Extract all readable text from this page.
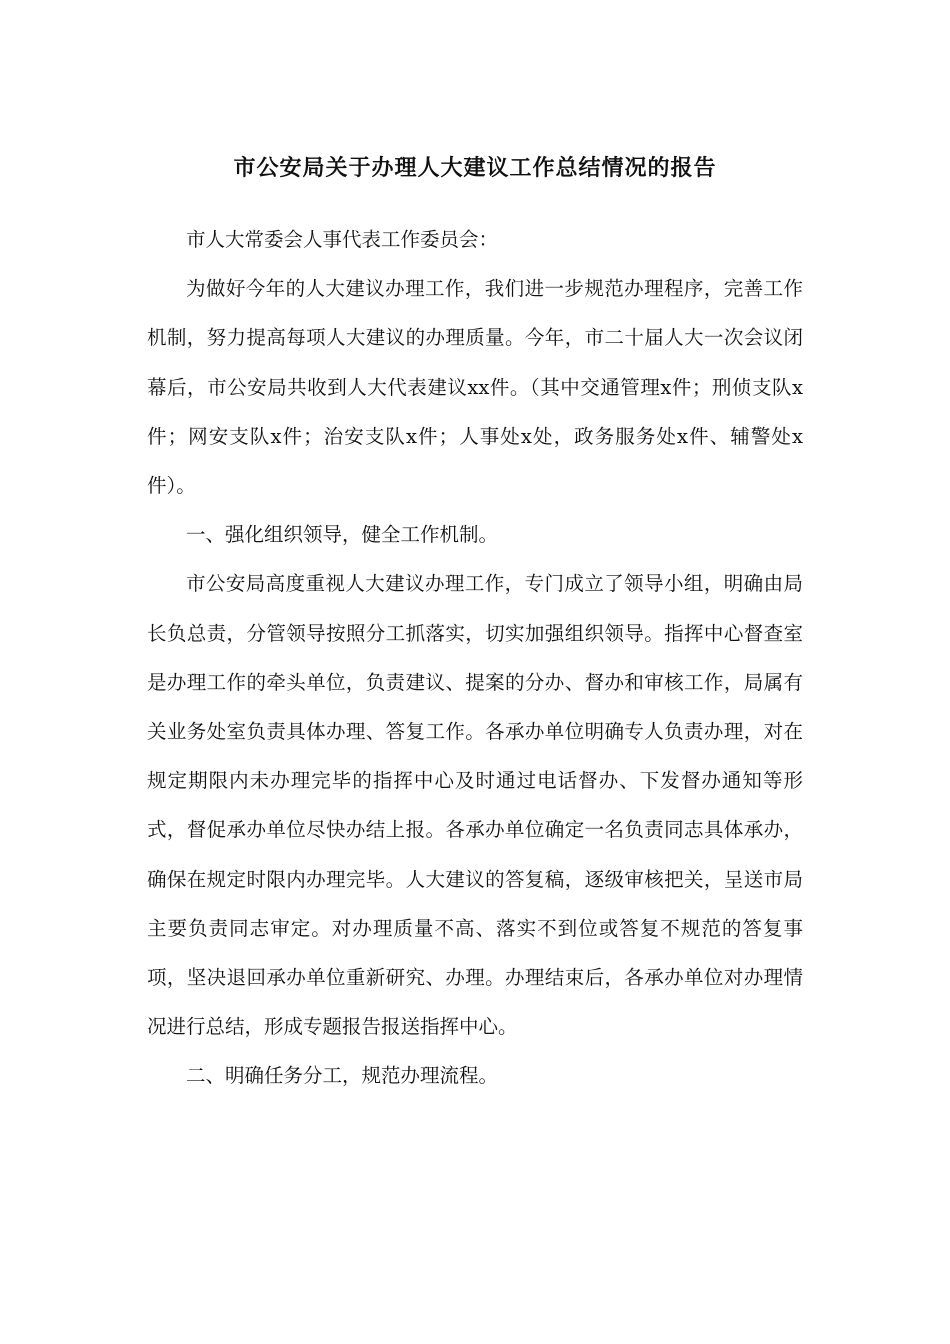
市公安局关于办理人大建议工作总结情况的报告

市人大常委会人事代表工作委员会：

为做好今年的人大建议办理工作，我们进一步规范办理程序，完善工作机制，努力提高每项人大建议的办理质量。今年，市二十届人大一次会议闭幕后，市公安局共收到人大代表建议xx件。（其中交通管理x件；刑侦支队x件；网安支队x件；治安支队x件；人事处x处，政务服务处x件、辅警处x件）。

一、强化组织领导，健全工作机制。

市公安局高度重视人大建议办理工作，专门成立了领导小组，明确由局长负总责，分管领导按照分工抓落实，切实加强组织领导。指挥中心督查室是办理工作的牵头单位，负责建议、提案的分办、督办和审核工作，局属有关业务处室负责具体办理、答复工作。各承办单位明确专人负责办理，对在规定期限内未办理完毕的指挥中心及时通过电话督办、下发督办通知等形式，督促承办单位尽快办结上报。各承办单位确定一名负责同志具体承办，确保在规定时限内办理完毕。人大建议的答复稿，逐级审核把关，呈送市局主要负责同志审定。对办理质量不高、落实不到位或答复不规范的答复事项，坚决退回承办单位重新研究、办理。办理结束后，各承办单位对办理情况进行总结，形成专题报告报送指挥中心。

二、明确任务分工，规范办理流程。
